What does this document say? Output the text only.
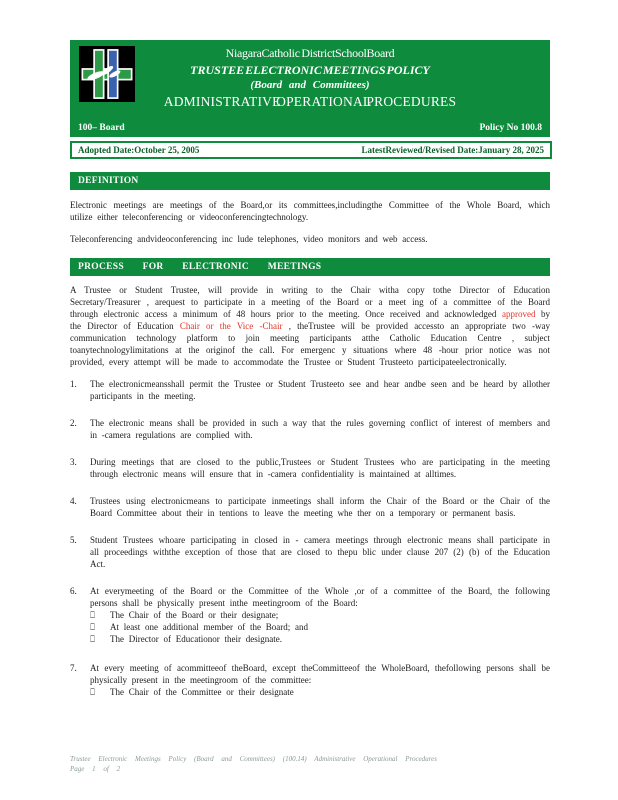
NiagaraCatholic DistrictSchoolBoard
TRUSTEE ELECTRONIC MEETINGS POLICY
(Board and Committees)
ADMINISTRATIVE OPERATIONAL PROCEDURES
100– Board	Policy No 100.8
Adopted Date:October 25, 2005	LatestReviewed/Revised Date:January 28, 2025
DEFINITION

Electronic meetings are meetings of the Board,or its committees,includingthe Committee of the Whole Board, which utilize either teleconferencing or videoconferencingtechnology.

Teleconferencing andvideoconferencing inc lude telephones, video monitors and web access.

PROCESS FOR ELECTRONIC MEETINGS

A Trustee or Student Trustee, will provide in writing to the Chair witha copy tothe Director of Education Secretary/Treasurer , arequest to participate in a meeting of the Board or a meet ing of a committee of the Board through electronic access a minimum of 48 hours prior to the meeting. Once received and acknowledged approved by the Director of Education Chair or the Vice -Chair , theTrustee will be provided accessto an appropriate two -way communication technology platform to join meeting participants atthe Catholic Education Centre , subject toanytechnologylimitations at the originof the call. For emergenc y situations where 48 -hour prior notice was not provided, every attempt will be made to accommodate the Trustee or Student Trusteeto participateelectronically.

1.	The electronicmeansshall permit the Trustee or Student Trusteeto see and hear andbe seen and be heard by allother participants in the meeting.
2.	The electronic means shall be provided in such a way that the rules governing conflict of interest of members and in -camera regulations are complied with.
3.	During meetings that are closed to the public,Trustees or Student Trustees who are participating in the meeting through electronic means will ensure that in -camera confidentiality is maintained at alltimes.
4.	Trustees using electronicmeans to participate inmeetings shall inform the Chair of the Board or the Chair of the Board Committee about their in tentions to leave the meeting whe ther on a temporary or permanent basis.
5.	Student Trustees whoare participating in closed in - camera meetings through electronic means shall participate in all proceedings withthe exception of those that are closed to thepu blic under clause 207 (2) (b) of the Education Act.
6.	At everymeeting of the Board or the Committee of the Whole ,or of a committee of the Board, the following persons shall be physically present inthe meetingroom of the Board:
□ The Chair of the Board or their designate;
□ At least one additional member of the Board; and
□ The Director of Educationor their designate.
7.	At every meeting of acommitteeof theBoard, except theCommitteeof the WholeBoard, thefollowing persons shall be physically present in the meetingroom of the committee:
□ The Chair of the Committee or their designate
Trustee Electronic Meetings Policy (Board and Committees) (100.14) Administrative Operational Procedures
Page 1 of 2
